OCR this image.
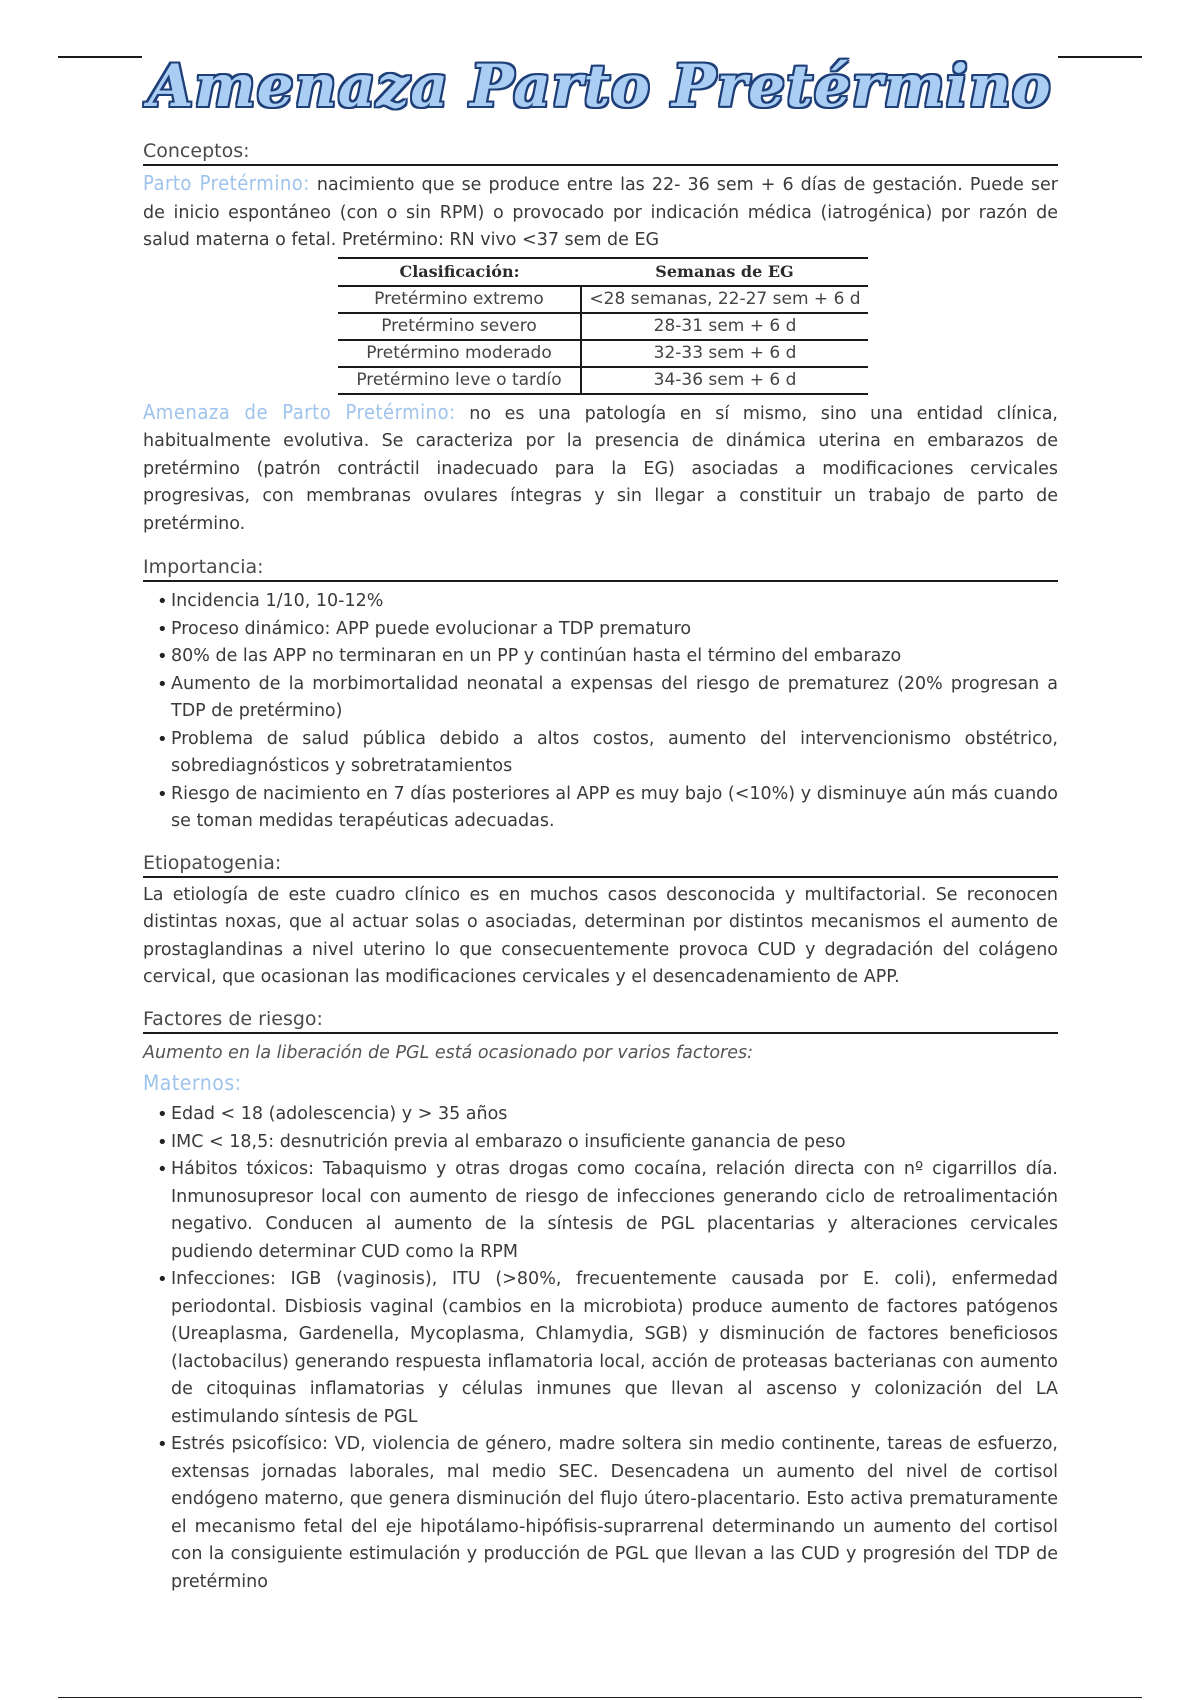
Amenaza Parto Pretérmino
Conceptos:

Parto Pretérmino: nacimiento que se produce entre las 22- 36 sem + 6 días de gestación. Puede ser de inicio espontáneo (con o sin RPM) o provocado por indicación médica (iatrogénica) por razón de salud materna o fetal. Pretérmino: RN vivo <37 sem de EG

Clasificación:	Semanas de EG
Pretérmino extremo	<28 semanas, 22-27 sem + 6 d
Pretérmino severo	28-31 sem + 6 d
Pretérmino moderado	32-33 sem + 6 d
Pretérmino leve o tardío	34-36 sem + 6 d

Amenaza de Parto Pretérmino: no es una patología en sí mismo, sino una entidad clínica, habitualmente evolutiva. Se caracteriza por la presencia de dinámica uterina en embarazos de pretérmino (patrón contráctil inadecuado para la EG) asociadas a modificaciones cervicales progresivas, con membranas ovulares íntegras y sin llegar a constituir un trabajo de parto de pretérmino.

Importancia:
• Incidencia 1/10, 10-12%
• Proceso dinámico: APP puede evolucionar a TDP prematuro
• 80% de las APP no terminaran en un PP y continúan hasta el término del embarazo
• Aumento de la morbimortalidad neonatal a expensas del riesgo de prematurez (20% progresan a TDP de pretérmino)
• Problema de salud pública debido a altos costos, aumento del intervencionismo obstétrico, sobrediagnósticos y sobretratamientos
• Riesgo de nacimiento en 7 días posteriores al APP es muy bajo (<10%) y disminuye aún más cuando se toman medidas terapéuticas adecuadas.
Etiopatogenia:

La etiología de este cuadro clínico es en muchos casos desconocida y multifactorial. Se reconocen distintas noxas, que al actuar solas o asociadas, determinan por distintos mecanismos el aumento de prostaglandinas a nivel uterino lo que consecuentemente provoca CUD y degradación del colágeno cervical, que ocasionan las modificaciones cervicales y el desencadenamiento de APP.

Factores de riesgo:

Aumento en la liberación de PGL está ocasionado por varios factores:

Maternos:
• Edad < 18 (adolescencia) y > 35 años
• IMC < 18,5: desnutrición previa al embarazo o insuficiente ganancia de peso
• Hábitos tóxicos: Tabaquismo y otras drogas como cocaína, relación directa con nº cigarrillos día. Inmunosupresor local con aumento de riesgo de infecciones generando ciclo de retroalimentación negativo. Conducen al aumento de la síntesis de PGL placentarias y alteraciones cervicales pudiendo determinar CUD como la RPM
• Infecciones: IGB (vaginosis), ITU (>80%, frecuentemente causada por E. coli), enfermedad periodontal. Disbiosis vaginal (cambios en la microbiota) produce aumento de factores patógenos (Ureaplasma, Gardenella, Mycoplasma, Chlamydia, SGB) y disminución de factores beneficiosos (lactobacilus) generando respuesta inflamatoria local, acción de proteasas bacterianas con aumento de citoquinas inflamatorias y células inmunes que llevan al ascenso y colonización del LA estimulando síntesis de PGL
• Estrés psicofísico: VD, violencia de género, madre soltera sin medio continente, tareas de esfuerzo, extensas jornadas laborales, mal medio SEC. Desencadena un aumento del nivel de cortisol endógeno materno, que genera disminución del flujo útero-placentario. Esto activa prematuramente el mecanismo fetal del eje hipotálamo-hipófisis-suprarrenal determinando un aumento del cortisol con la consiguiente estimulación y producción de PGL que llevan a las CUD y progresión del TDP de pretérmino
